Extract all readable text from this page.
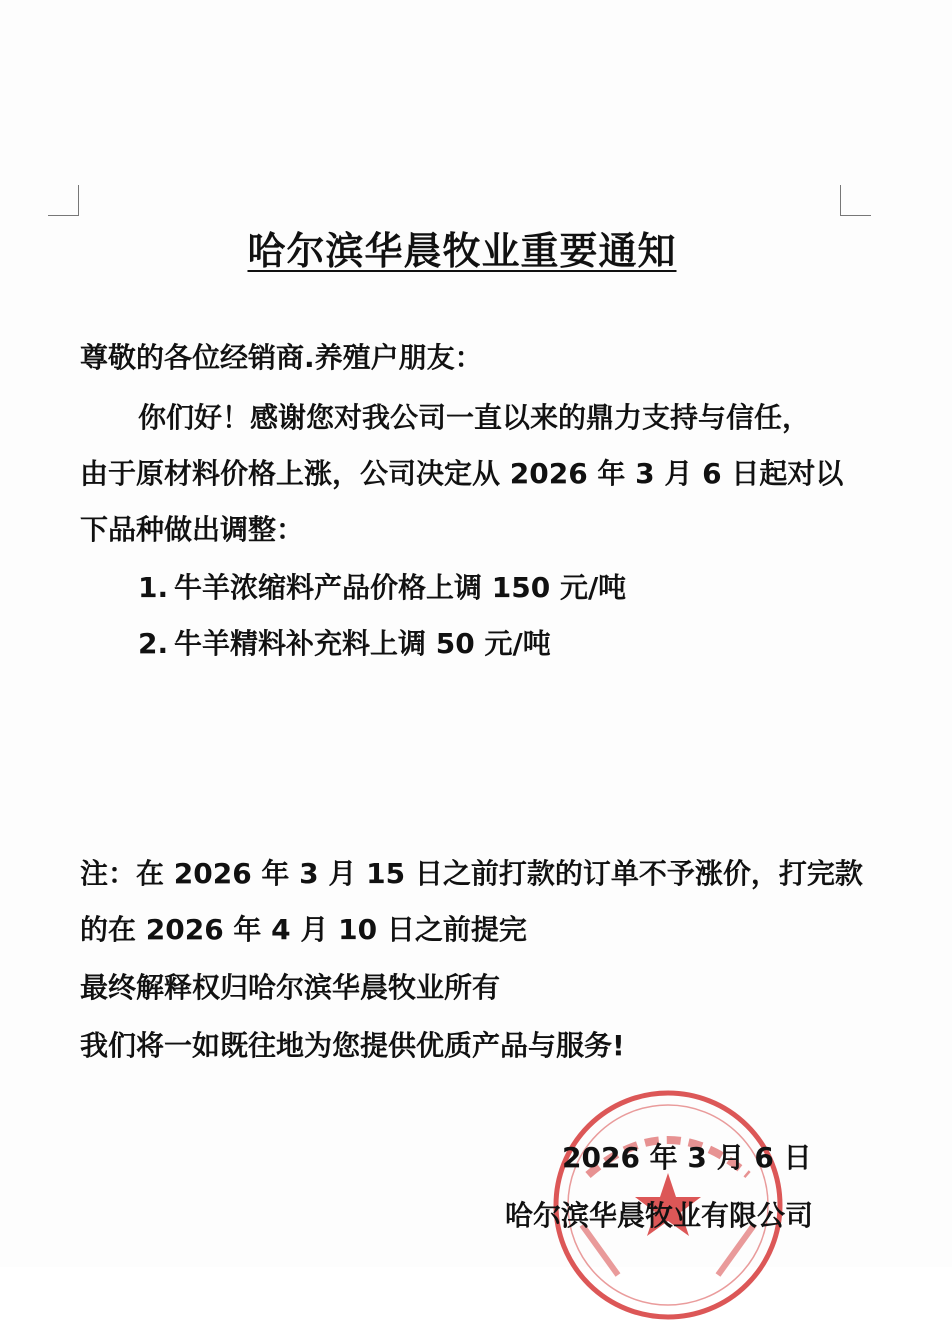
哈尔滨华晨牧业重要通知
尊敬的各位经销商.养殖户朋友：
你们好！感谢您对我公司一直以来的鼎力支持与信任，
由于原材料价格上涨，公司决定从 2026 年 3 月 6 日起对以
下品种做出调整：
1. 牛羊浓缩料产品价格上调 150 元/吨
2. 牛羊精料补充料上调 50 元/吨
注：在 2026 年 3 月 15 日之前打款的订单不予涨价，打完款
的在 2026 年 4 月 10 日之前提完
最终解释权归哈尔滨华晨牧业所有
我们将一如既往地为您提供优质产品与服务!
2026 年 3 月 6 日
哈尔滨华晨牧业有限公司
